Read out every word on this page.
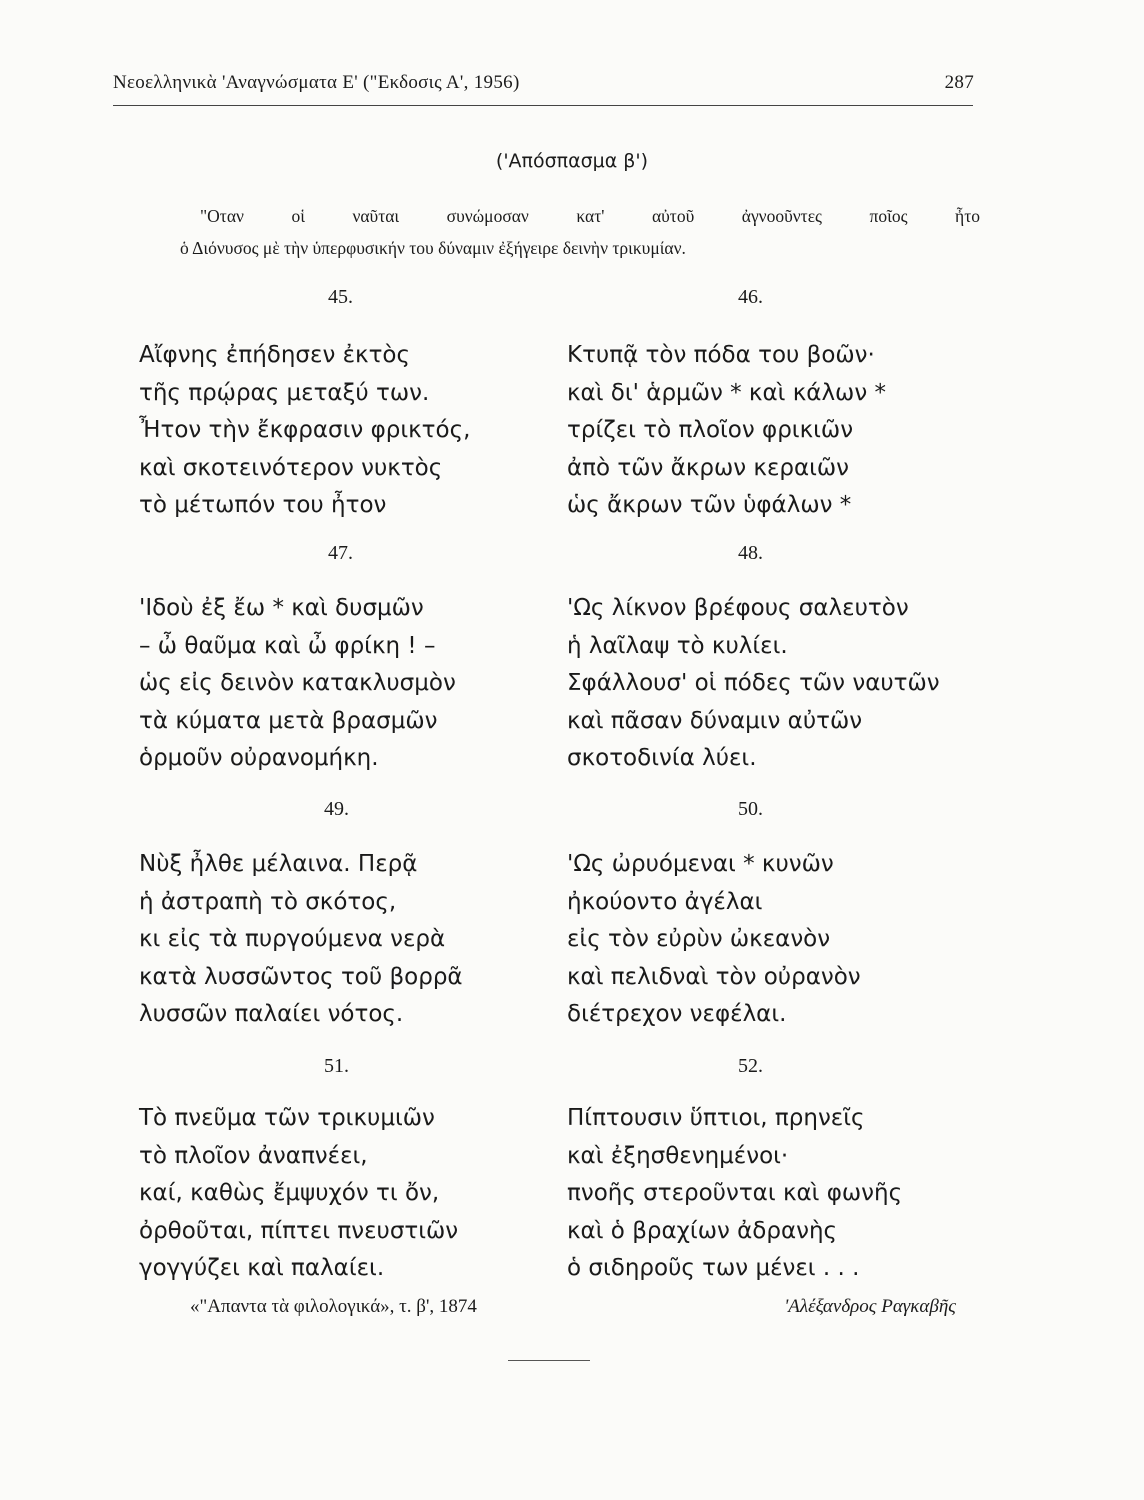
Νεοελληνικὰ 'Αναγνώσματα Ε' ("Εκδοσις Α', 1956)	287
('Απόσπασμα β')
"Οταν οἱ ναῦται συνώμοσαν κατ' αὐτοῦ ἀγνοοῦντες ποῖος ἦτο
ὁ Διόνυσος μὲ τὴν ὑπερφυσικήν του δύναμιν ἐξήγειρε δεινὴν τρικυμίαν.
45.
Αἴφνης ἐπήδησεν ἐκτὸς
τῆς πρῴρας μεταξύ των.
Ἦτον τὴν ἔκφρασιν φρικτός,
καὶ σκοτεινότερον νυκτὸς
τὸ μέτωπόν του ἦτον
46.
Κτυπᾷ τὸν πόδα του βοῶν·
καὶ δι' ἁρμῶν * καὶ κάλων *
τρίζει τὸ πλοῖον φρικιῶν
ἀπὸ τῶν ἄκρων κεραιῶν
ὡς ἄκρων τῶν ὑφάλων *
47.
'Ιδοὺ ἐξ ἔω * καὶ δυσμῶν
– ὦ θαῦμα καὶ ὦ φρίκη ! –
ὡς εἰς δεινὸν κατακλυσμὸν
τὰ κύματα μετὰ βρασμῶν
ὁρμοῦν οὐρανομήκη.
48.
'Ως λίκνον βρέφους σαλευτὸν
ἡ λαῖλαψ τὸ κυλίει.
Σφάλλουσ' οἱ πόδες τῶν ναυτῶν
καὶ πᾶσαν δύναμιν αὐτῶν
σκοτοδινία λύει.
49.
Νὺξ ἦλθε μέλαινα. Περᾷ
ἡ ἀστραπὴ τὸ σκότος,
κι εἰς τὰ πυργούμενα νερὰ
κατὰ λυσσῶντος τοῦ βορρᾶ
λυσσῶν παλαίει νότος.
50.
'Ως ὠρυόμεναι * κυνῶν
ἠκούοντο ἀγέλαι
εἰς τὸν εὐρὺν ὠκεανὸν
καὶ πελιδναὶ τὸν οὐρανὸν
διέτρεχον νεφέλαι.
51.
Τὸ πνεῦμα τῶν τρικυμιῶν
τὸ πλοῖον ἀναπνέει,
καί, καθὼς ἔμψυχόν τι ὄν,
ὀρθοῦται, πίπτει πνευστιῶν
γογγύζει καὶ παλαίει.
52.
Πίπτουσιν ὕπτιοι, πρηνεῖς
καὶ ἐξησθενημένοι·
πνοῆς στεροῦνται καὶ φωνῆς
καὶ ὁ βραχίων ἀδρανὴς
ὁ σιδηροῦς των μένει . . .
«"Απαντα τὰ φιλολογικά», τ. β', 1874	'Αλέξανδρος Ραγκαβῆς
